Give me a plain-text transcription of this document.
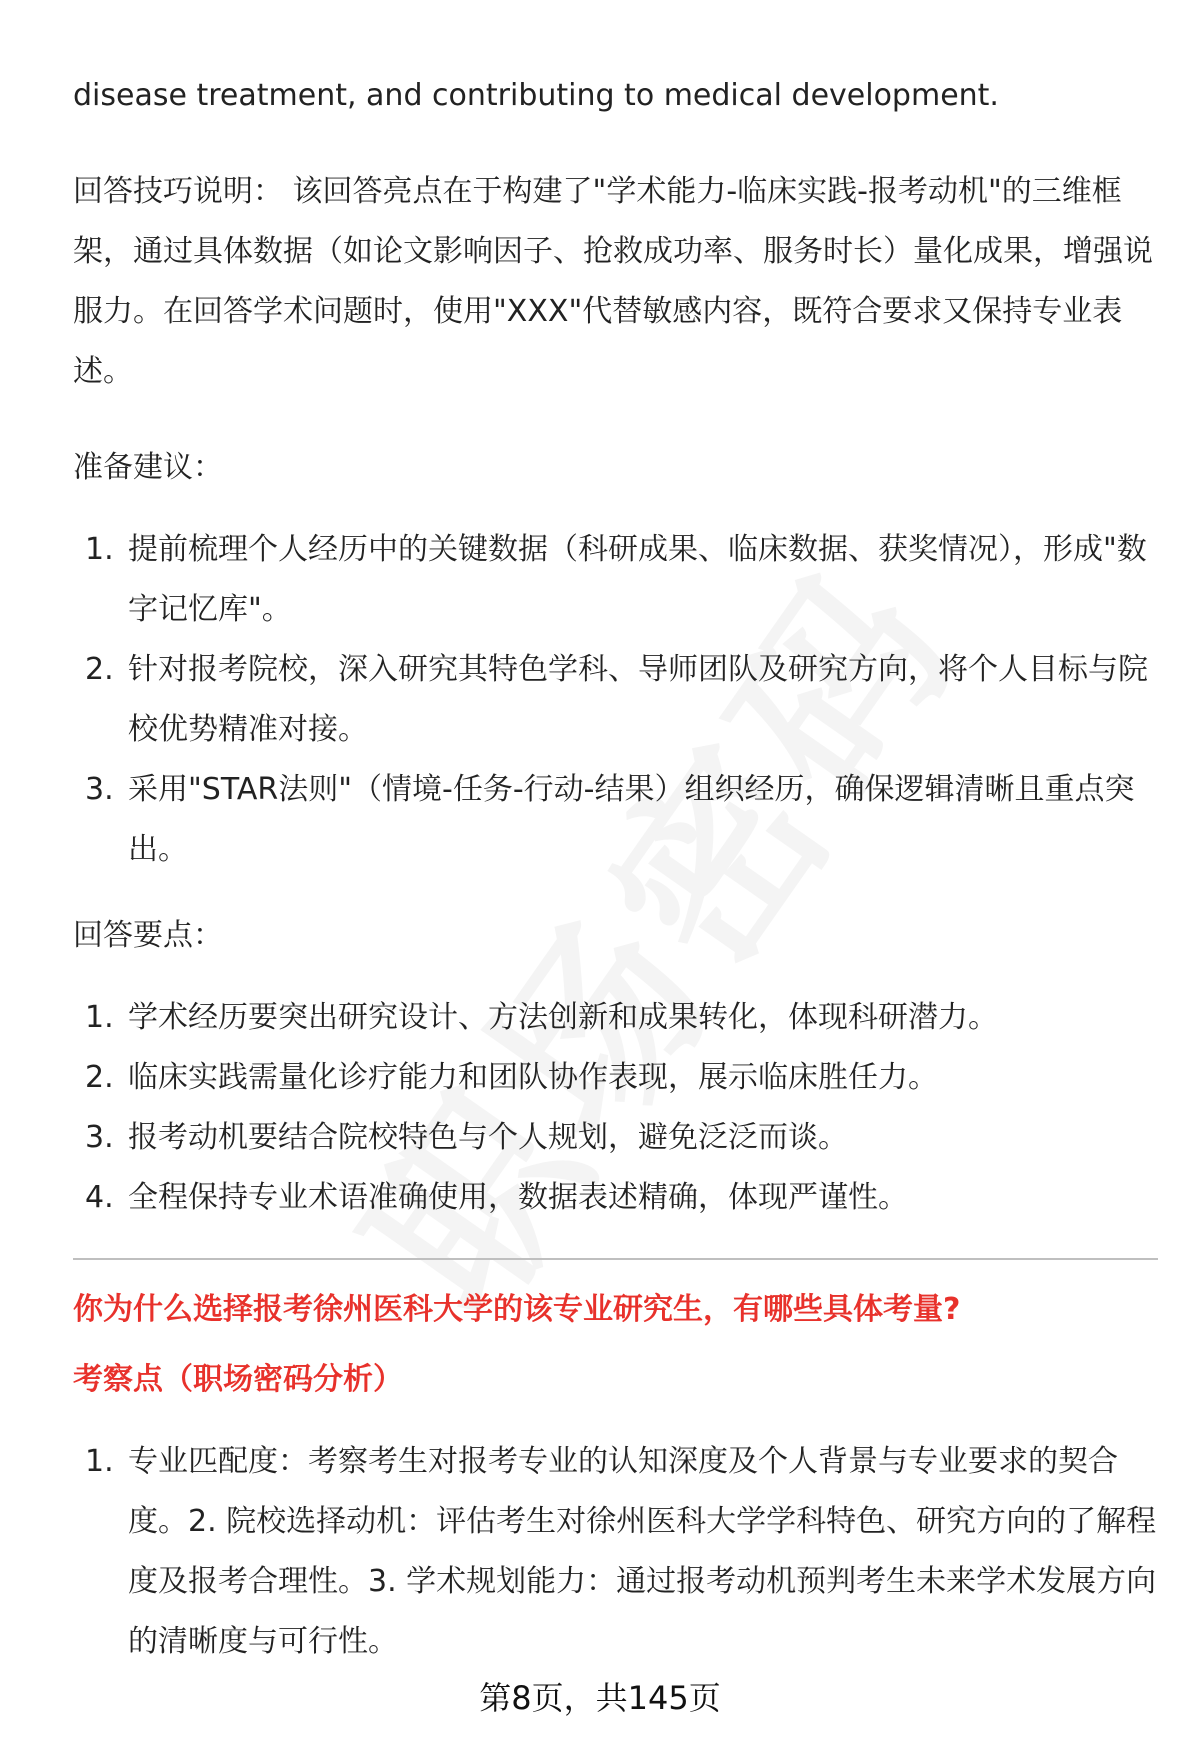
disease treatment, and contributing to medical development.

回答技巧说明： 该回答亮点在于构建了"学术能力-临床实践-报考动机"的三维框架，通过具体数据（如论文影响因子、抢救成功率、服务时长）量化成果，增强说服力。在回答学术问题时，使用"XXX"代替敏感内容，既符合要求又保持专业表述。

准备建议：

1. 提前梳理个人经历中的关键数据（科研成果、临床数据、获奖情况），形成"数字记忆库"。
2. 针对报考院校，深入研究其特色学科、导师团队及研究方向，将个人目标与院校优势精准对接。
3. 采用"STAR法则"（情境-任务-行动-结果）组织经历，确保逻辑清晰且重点突出。

回答要点：

1. 学术经历要突出研究设计、方法创新和成果转化，体现科研潜力。
2. 临床实践需量化诊疗能力和团队协作表现，展示临床胜任力。
3. 报考动机要结合院校特色与个人规划，避免泛泛而谈。
4. 全程保持专业术语准确使用，数据表述精确，体现严谨性。

你为什么选择报考徐州医科大学的该专业研究生，有哪些具体考量?

考察点（职场密码分析）

1. 专业匹配度：考察考生对报考专业的认知深度及个人背景与专业要求的契合度。2. 院校选择动机：评估考生对徐州医科大学学科特色、研究方向的了解程度及报考合理性。3. 学术规划能力：通过报考动机预判考生未来学术发展方向的清晰度与可行性。
第8页，共145页
